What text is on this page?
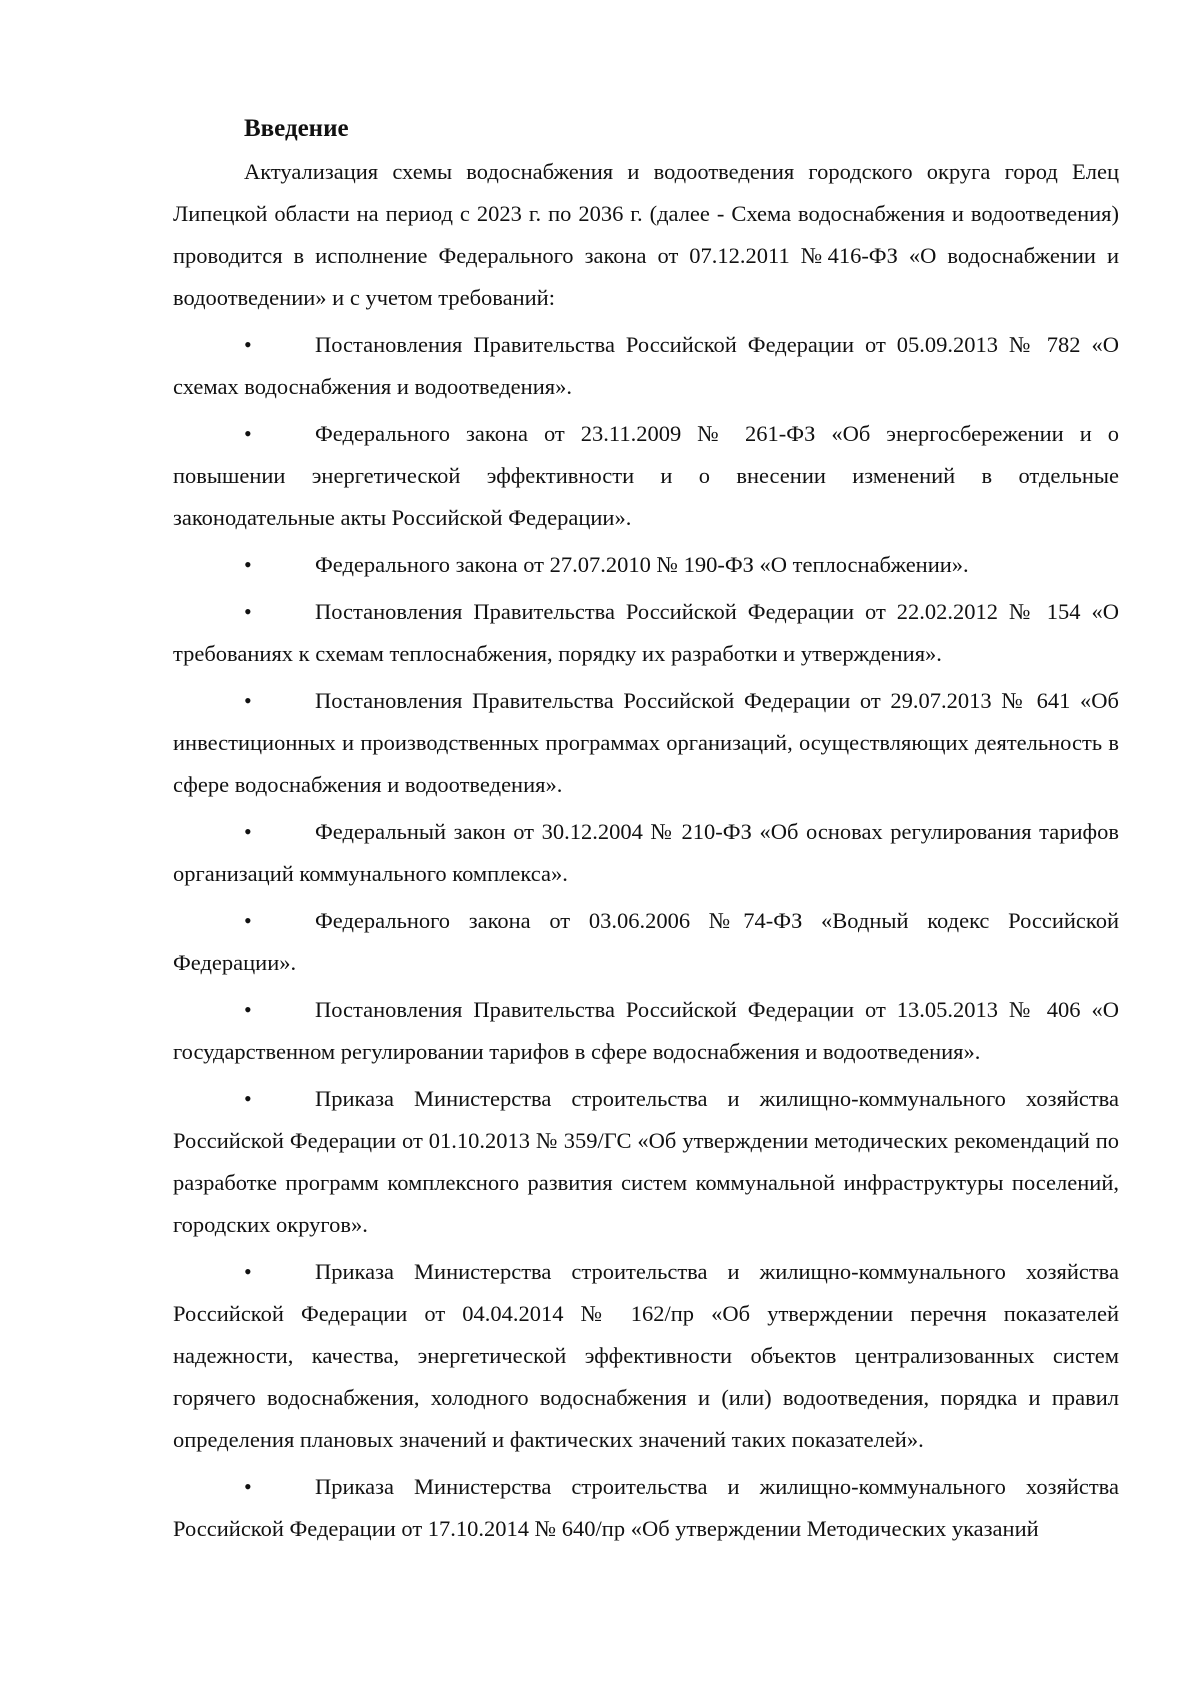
Введение

Актуализация схемы водоснабжения и водоотведения городского округа город Елец Липецкой области на период с 2023 г. по 2036 г. (далее - Схема водоснабжения и водоотведения) проводится в исполнение Федерального закона от 07.12.2011 №416-ФЗ «О водоснабжении и водоотведении» и с учетом требований:

•	Постановления Правительства Российской Федерации от 05.09.2013 № 782 «О схемах водоснабжения и водоотведения».
•	Федерального закона от 23.11.2009 № 261-ФЗ «Об энергосбережении и о повышении энергетической эффективности и о внесении изменений в отдельные законодательные акты Российской Федерации».
•	Федерального закона от 27.07.2010 № 190-ФЗ «О теплоснабжении».
•	Постановления Правительства Российской Федерации от 22.02.2012 № 154 «О требованиях к схемам теплоснабжения, порядку их разработки и утверждения».
•	Постановления Правительства Российской Федерации от 29.07.2013 № 641 «Об инвестиционных и производственных программах организаций, осуществляющих деятельность в сфере водоснабжения и водоотведения».
•	Федеральный закон от 30.12.2004 № 210-ФЗ «Об основах регулирования тарифов организаций коммунального комплекса».
•	Федерального закона от 03.06.2006 №74-ФЗ «Водный кодекс Российской Федерации».
•	Постановления Правительства Российской Федерации от 13.05.2013 № 406 «О государственном регулировании тарифов в сфере водоснабжения и водоотведения».
•	Приказа Министерства строительства и жилищно-коммунального хозяйства Российской Федерации от 01.10.2013 № 359/ГС «Об утверждении методических рекомендаций по разработке программ комплексного развития систем коммунальной инфраструктуры поселений, городских округов».
•	Приказа Министерства строительства и жилищно-коммунального хозяйства Российской Федерации от 04.04.2014 № 162/пр «Об утверждении перечня показателей надежности, качества, энергетической эффективности объектов централизованных систем горячего водоснабжения, холодного водоснабжения и (или) водоотведения, порядка и правил определения плановых значений и фактических значений таких показателей».
•	Приказа Министерства строительства и жилищно-коммунального хозяйства Российской Федерации от 17.10.2014 № 640/пр «Об утверждении Методических указаний
